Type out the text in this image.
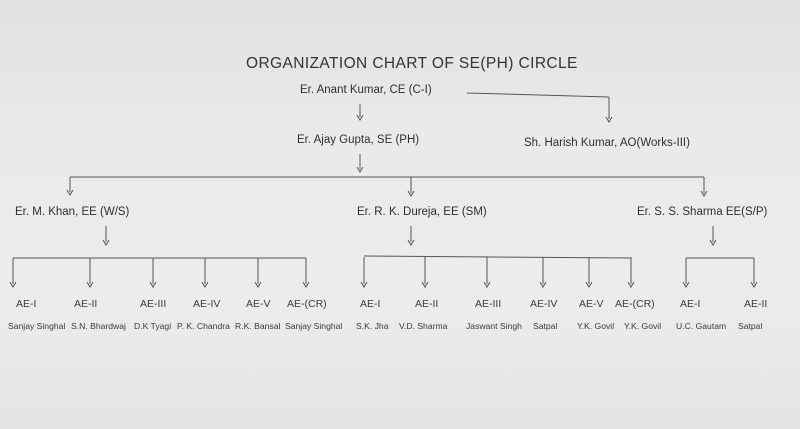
ORGANIZATION CHART OF SE(PH) CIRCLE
Er. Anant Kumar, CE (C-I)
Er. Ajay Gupta, SE (PH)	Sh. Harish Kumar, AO(Works-III)
Er. M. Khan, EE (W/S)	Er. R. K. Dureja, EE (SM)	Er. S. S. Sharma EE(S/P)
AE-I
Sanjay Singhal
AE-II
S.N. Bhardwaj
AE-III
D.K Tyagi
AE-IV
P. K. Chandra
AE-V
R.K. Bansal
AE-(CR)
Sanjay Singhal
AE-I
S.K. Jha
AE-II
V.D. Sharma
AE-III
Jaswant Singh
AE-IV
Satpal
AE-V
Y.K. Govil
AE-(CR)
Y.K. Govil
AE-I
U.C. Gautam
AE-II
Satpal
